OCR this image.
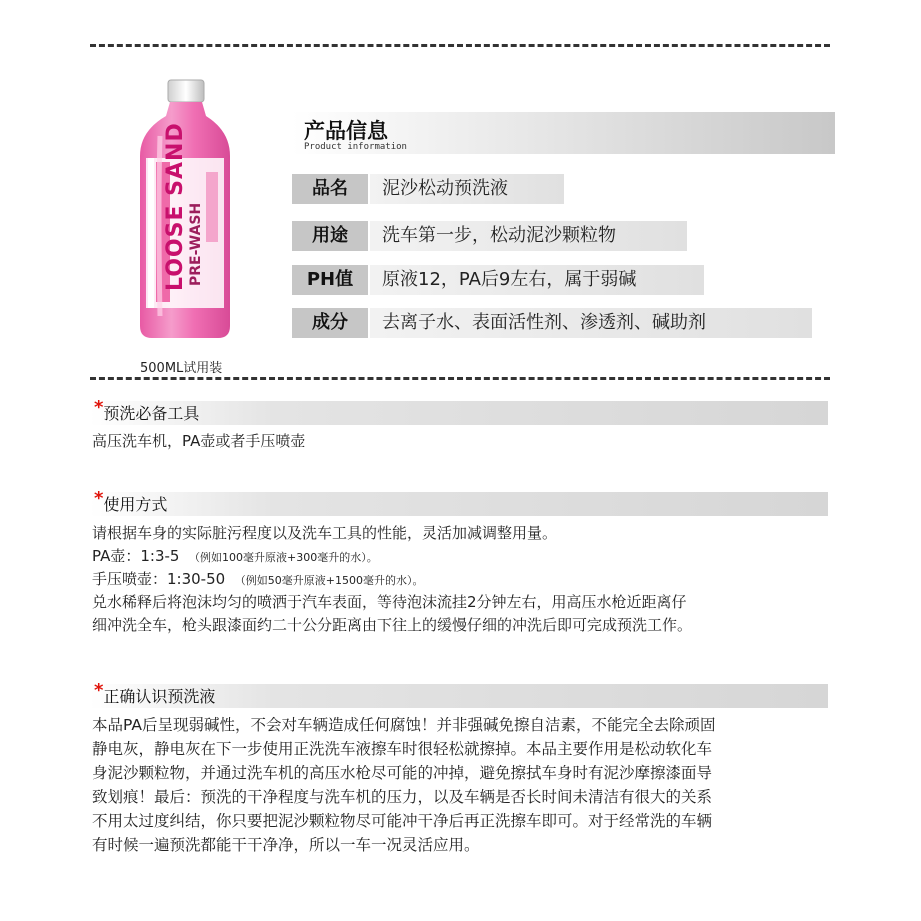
LOOSE SAND PRE-WASH
500ML试用装
产品信息
Product information
品名	泥沙松动预洗液
用途	洗车第一步，松动泥沙颗粒物
PH值	原液12，PA后9左右，属于弱碱
成分	去离子水、表面活性剂、渗透剂、碱助剂
*预洗必备工具
高压洗车机，PA壶或者手压喷壶
*使用方式
请根据车身的实际脏污程度以及洗车工具的性能，灵活加减调整用量。
PA壶：1:3-5 （例如100毫升原液+300毫升的水）。
手压喷壶：1:30-50 （例如50毫升原液+1500毫升的水）。
兑水稀释后将泡沫均匀的喷洒于汽车表面，等待泡沫流挂2分钟左右，用高压水枪近距离仔
细冲洗全车，枪头跟漆面约二十公分距离由下往上的缓慢仔细的冲洗后即可完成预洗工作。
*正确认识预洗液
本品PA后呈现弱碱性，不会对车辆造成任何腐蚀！并非强碱免擦自洁素，不能完全去除顽固
静电灰，静电灰在下一步使用正洗洗车液擦车时很轻松就擦掉。本品主要作用是松动软化车
身泥沙颗粒物，并通过洗车机的高压水枪尽可能的冲掉，避免擦拭车身时有泥沙摩擦漆面导
致划痕！最后：预洗的干净程度与洗车机的压力，以及车辆是否长时间未清洁有很大的关系
不用太过度纠结，你只要把泥沙颗粒物尽可能冲干净后再正洗擦车即可。对于经常洗的车辆
有时候一遍预洗都能干干净净，所以一车一况灵活应用。
